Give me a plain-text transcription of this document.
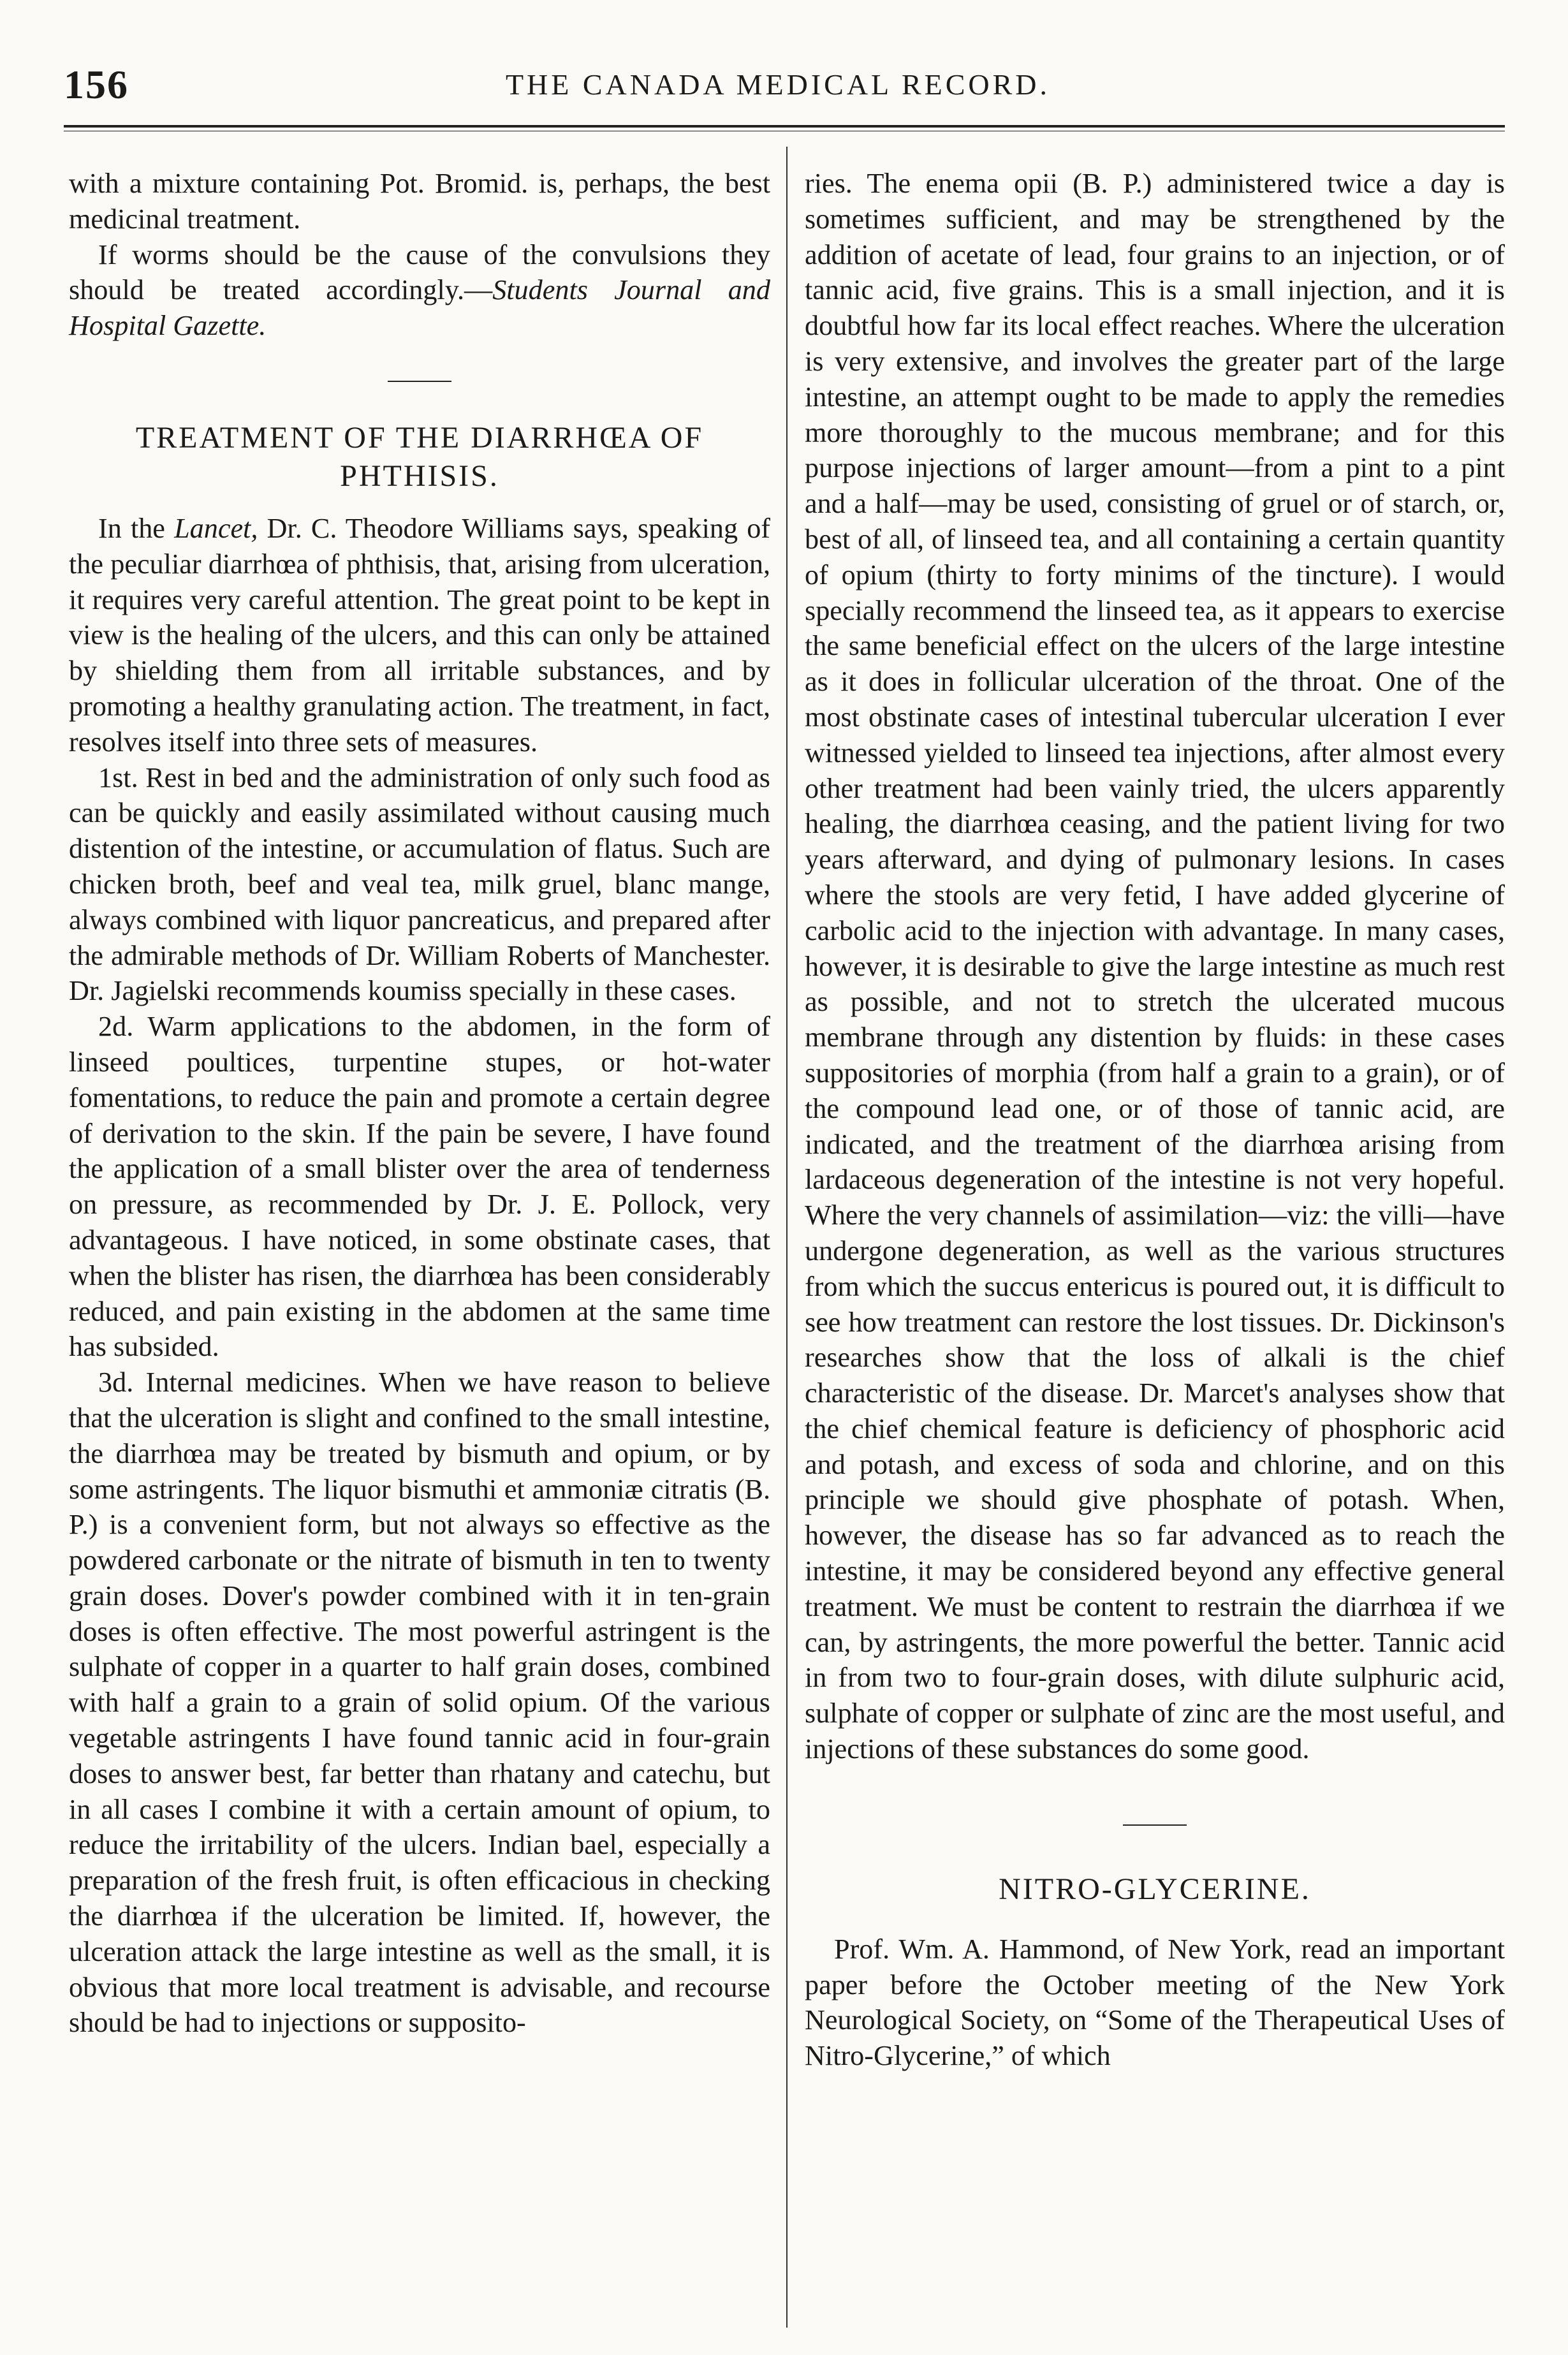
156	THE CANADA MEDICAL RECORD.

with a mixture containing Pot. Bromid. is, perhaps, the best medicinal treatment.

If worms should be the cause of the convulsions they should be treated accordingly.—Students Journal and Hospital Gazette.

TREATMENT OF THE DIARRHŒA OF PHTHISIS.

In the Lancet, Dr. C. Theodore Williams says, speaking of the peculiar diarrhœa of phthisis, that, arising from ulceration, it requires very careful attention. The great point to be kept in view is the healing of the ulcers, and this can only be attained by shielding them from all irritable substances, and by promoting a healthy granulating action. The treatment, in fact, resolves itself into three sets of measures.

1st. Rest in bed and the administration of only such food as can be quickly and easily assimilated without causing much distention of the intestine, or accumulation of flatus. Such are chicken broth, beef and veal tea, milk gruel, blanc mange, always combined with liquor pancreaticus, and prepared after the admirable methods of Dr. William Roberts of Manchester. Dr. Jagielski recommends koumiss specially in these cases.

2d. Warm applications to the abdomen, in the form of linseed poultices, turpentine stupes, or hot-water fomentations, to reduce the pain and promote a certain degree of derivation to the skin. If the pain be severe, I have found the application of a small blister over the area of tenderness on pressure, as recommended by Dr. J. E. Pollock, very advantageous. I have noticed, in some obstinate cases, that when the blister has risen, the diarrhœa has been considerably reduced, and pain existing in the abdomen at the same time has subsided.

3d. Internal medicines. When we have reason to believe that the ulceration is slight and confined to the small intestine, the diarrhœa may be treated by bismuth and opium, or by some astringents. The liquor bismuthi et ammoniæ citratis (B. P.) is a convenient form, but not always so effective as the powdered carbonate or the nitrate of bismuth in ten to twenty grain doses. Dover's powder combined with it in ten-grain doses is often effective. The most powerful astringent is the sulphate of copper in a quarter to half grain doses, combined with half a grain to a grain of solid opium. Of the various vegetable astringents I have found tannic acid in four-grain doses to answer best, far better than rhatany and catechu, but in all cases I combine it with a certain amount of opium, to reduce the irritability of the ulcers. Indian bael, especially a preparation of the fresh fruit, is often efficacious in checking the diarrhœa if the ulceration be limited. If, however, the ulceration attack the large intestine as well as the small, it is obvious that more local treatment is advisable, and recourse should be had to injections or supposito-

ries. The enema opii (B. P.) administered twice a day is sometimes sufficient, and may be strengthened by the addition of acetate of lead, four grains to an injection, or of tannic acid, five grains. This is a small injection, and it is doubtful how far its local effect reaches. Where the ulceration is very extensive, and involves the greater part of the large intestine, an attempt ought to be made to apply the remedies more thoroughly to the mucous membrane; and for this purpose injections of larger amount—from a pint to a pint and a half—may be used, consisting of gruel or of starch, or, best of all, of linseed tea, and all containing a certain quantity of opium (thirty to forty minims of the tincture). I would specially recommend the linseed tea, as it appears to exercise the same beneficial effect on the ulcers of the large intestine as it does in follicular ulceration of the throat. One of the most obstinate cases of intestinal tubercular ulceration I ever witnessed yielded to linseed tea injections, after almost every other treatment had been vainly tried, the ulcers apparently healing, the diarrhœa ceasing, and the patient living for two years afterward, and dying of pulmonary lesions. In cases where the stools are very fetid, I have added glycerine of carbolic acid to the injection with advantage. In many cases, however, it is desirable to give the large intestine as much rest as possible, and not to stretch the ulcerated mucous membrane through any distention by fluids: in these cases suppositories of morphia (from half a grain to a grain), or of the compound lead one, or of those of tannic acid, are indicated, and the treatment of the diarrhœa arising from lardaceous degeneration of the intestine is not very hopeful. Where the very channels of assimilation—viz: the villi—have undergone degeneration, as well as the various structures from which the succus entericus is poured out, it is difficult to see how treatment can restore the lost tissues. Dr. Dickinson's researches show that the loss of alkali is the chief characteristic of the disease. Dr. Marcet's analyses show that the chief chemical feature is deficiency of phosphoric acid and potash, and excess of soda and chlorine, and on this principle we should give phosphate of potash. When, however, the disease has so far advanced as to reach the intestine, it may be considered beyond any effective general treatment. We must be content to restrain the diarrhœa if we can, by astringents, the more powerful the better. Tannic acid in from two to four-grain doses, with dilute sulphuric acid, sulphate of copper or sulphate of zinc are the most useful, and injections of these substances do some good.

NITRO-GLYCERINE.

Prof. Wm. A. Hammond, of New York, read an important paper before the October meeting of the New York Neurological Society, on “Some of the Therapeutical Uses of Nitro-Glycerine,” of which
